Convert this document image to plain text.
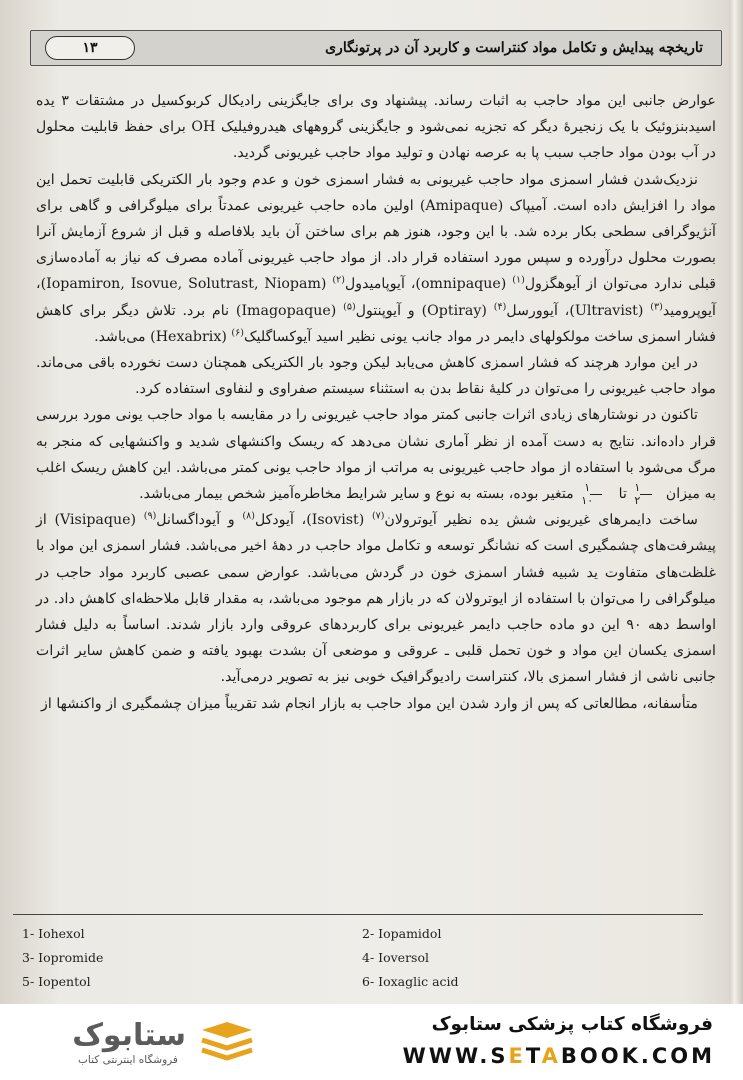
تاریخچه پیدایش و تکامل مواد کنتراست و کاربرد آن در پرتونگاری
۱۳

عوارض جانبی این مواد حاجب به اثبات رساند. پیشنهاد وی برای جایگزینی رادیکال کربوکسیل در مشتقات ۳ یده اسیدبنزوئیک با یک زنجیرهٔ دیگر که تجزیه نمی‌شود و جایگزینی گروههای هیدروفیلیک OH برای حفظ قابلیت محلول در آب بودن مواد حاجب سبب پا به عرصه نهادن و تولید مواد حاجب غیریونی گردید.

نزدیک‌شدن فشار اسمزی مواد حاجب غیریونی به فشار اسمزی خون و عدم وجود بار الکتریکی قابلیت تحمل این مواد را افزایش داده است. آمیپاک (Amipaque) اولین ماده حاجب غیریونی عمدتاً برای میلوگرافی و گاهی برای آنژیوگرافی سطحی بکار برده شد. با این وجود، هنوز هم برای ساختن آن باید بلافاصله و قبل از شروع آزمایش آنرا بصورت محلول درآورده و سپس مورد استفاده قرار داد. از مواد حاجب غیریونی آماده مصرف که نیاز به آماده‌سازی قبلی ندارد می‌توان از آیوهگزول$^{(۱)}$ (omnipaque)، آیوپامیدول$^{(۲)}$ (Iopamiron, Isovue, Solutrast, Niopam)، آیوپرومید$^{(۳)}$ (Ultravist)، آیوورسل$^{(۴)}$ (Optiray) و آیوپنتول$^{(۵)}$ (Imagopaque) نام برد. تلاش دیگر برای کاهش فشار اسمزی ساخت مولکولهای دایمر در مواد جانب یونی نظیر اسید آیوکساگلیک$^{(۶)}$ (Hexabrix) می‌باشد.

در این موارد هرچند که فشار اسمزی کاهش می‌یابد لیکن وجود بار الکتریکی همچنان دست نخورده باقی می‌ماند. مواد حاجب غیریونی را می‌توان در کلیهٔ نقاط بدن به استثناء سیستم صفراوی و لنفاوی استفاده کرد.

تاکنون در نوشتارهای زیادی اثرات جانبی کمتر مواد حاجب غیریونی را در مقایسه با مواد حاجب یونی مورد بررسی قرار داده‌اند. نتایج به دست آمده از نظر آماری نشان می‌دهد که ریسک واکنشهای شدید و واکنشهایی که منجر به مرگ می‌شود با استفاده از مواد حاجب غیریونی به مراتب از مواد حاجب یونی کمتر می‌باشد. این کاهش ریسک اغلب به میزان
$\frac{۱}{۲}$
تا
$\frac{۱}{۱۰}$
متغیر بوده، بسته به نوع و سایر شرایط مخاطره‌آمیز شخص بیمار می‌باشد.

ساخت دایمرهای غیریونی شش یده نظیر آیوترولان$^{(۷)}$ (Isovist)، آیودکل$^{(۸)}$ و آیوداگسانل$^{(۹)}$ (Visipaque) از پیشرفت‌های چشمگیری است که نشانگر توسعه و تکامل مواد حاجب در دههٔ اخیر می‌باشد. فشار اسمزی این مواد با غلظت‌های متفاوت ید شبیه فشار اسمزی خون در گردش می‌باشد. عوارض سمی عصبی کاربرد مواد حاجب در میلوگرافی را می‌توان با استفاده از ایوترولان که در بازار هم موجود می‌باشد، به مقدار قابل ملاحظه‌ای کاهش داد. در اواسط دهه ۹۰ این دو ماده حاجب دایمر غیریونی برای کاربردهای عروقی وارد بازار شدند. اساساً به دلیل فشار اسمزی یکسان این مواد و خون تحمل قلبی ـ عروقی و موضعی آن بشدت بهبود یافته و ضمن کاهش سایر اثرات جانبی ناشی از فشار اسمزی بالا، کنتراست رادیوگرافیک خوبی نیز به تصویر درمی‌آید.

متأسفانه، مطالعاتی که پس از وارد شدن این مواد حاجب به بازار انجام شد تقریباً میزان چشمگیری از واکنشها از

1- Iohexol	2- Iopamidol
3- Iopromide	4- Ioversol
5- Iopentol	6- Ioxaglic acid
ستابوک
فروشگاه اینترنتی کتاب
فروشگاه کتاب پزشکی ستابوک
WWW.SETABOOK.COM
